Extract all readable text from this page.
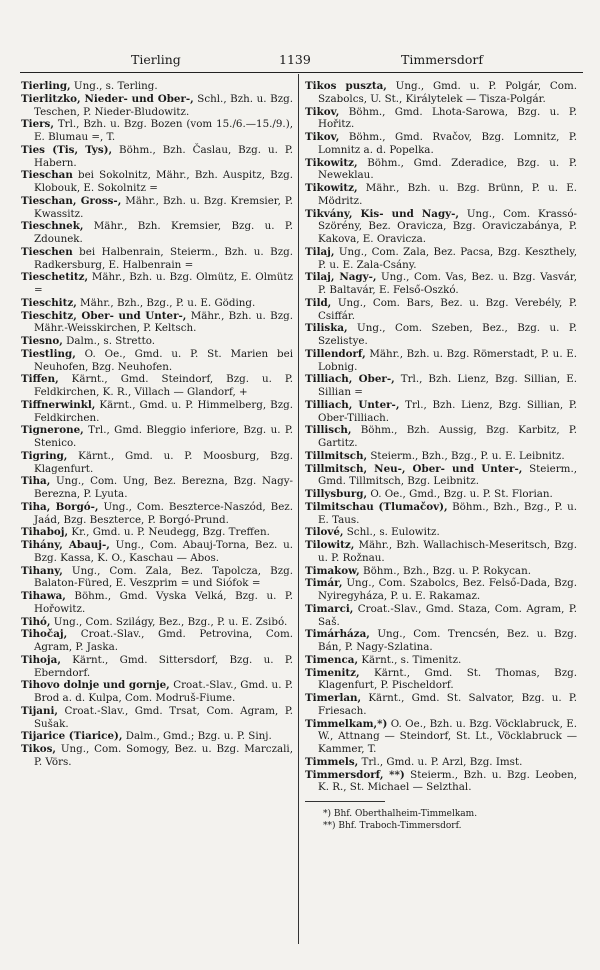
Tierling	1139	Timmersdorf

Tierling, Ung., s. Terling.

Tierlitzko, Nieder- und Ober-, Schl., Bzh. u. Bzg. Teschen, P. Nieder-Bludowitz.

Tiers, Trl., Bzh. u. Bzg. Bozen (vom 15./6.—15./9.), E. Blumau =, T.

Ties (Tis, Tys), Böhm., Bzh. Časlau, Bzg. u. P. Habern.

Tieschan bei Sokolnitz, Mähr., Bzh. Auspitz, Bzg. Klobouk, E. Sokolnitz =

Tieschan, Gross-, Mähr., Bzh. u. Bzg. Kremsier, P. Kwassitz.

Tieschnek, Mähr., Bzh. Kremsier, Bzg. u. P. Zdounek.

Tieschen bei Halbenrain, Steierm., Bzh. u. Bzg. Radkersburg, E. Halbenrain =

Tieschetitz, Mähr., Bzh. u. Bzg. Olmütz, E. Olmütz =

Tieschitz, Mähr., Bzh., Bzg., P. u. E. Göding.

Tieschitz, Ober- und Unter-, Mähr., Bzh. u. Bzg. Mähr.-Weisskirchen, P. Keltsch.

Tiesno, Dalm., s. Stretto.

Tiestling, O. Oe., Gmd. u. P. St. Marien bei Neuhofen, Bzg. Neuhofen.

Tiffen, Kärnt., Gmd. Steindorf, Bzg. u. P. Feldkirchen, K. R., Villach — Glandorf, +

Tiffnerwinkl, Kärnt., Gmd. u. P. Himmelberg, Bzg. Feldkirchen.

Tignerone, Trl., Gmd. Bleggio inferiore, Bzg. u. P. Stenico.

Tigring, Kärnt., Gmd. u. P. Moosburg, Bzg. Klagenfurt.

Tiha, Ung., Com. Ung, Bez. Berezna, Bzg. Nagy-Berezna, P. Lyuta.

Tiha, Borgó-, Ung., Com. Beszterce-Naszód, Bez. Jaád, Bzg. Beszterce, P. Borgó-Prund.

Tihaboj, Kr., Gmd. u. P. Neudegg, Bzg. Treffen.

Tihány, Abauj-, Ung., Com. Abauj-Torna, Bez. u. Bzg. Kassa, K. O., Kaschau — Abos.

Tihany, Ung., Com. Zala, Bez. Tapolcza, Bzg. Balaton-Füred, E. Veszprim = und Siófok =

Tihawa, Böhm., Gmd. Vyska Velká, Bzg. u. P. Hořowitz.

Tihó, Ung., Com. Szilágy, Bez., Bzg., P. u. E. Zsibó.

Tihočaj, Croat.-Slav., Gmd. Petrovina, Com. Agram, P. Jaska.

Tihoja, Kärnt., Gmd. Sittersdorf, Bzg. u. P. Eberndorf.

Tihovo dolnje und gornje, Croat.-Slav., Gmd. u. P. Brod a. d. Kulpa, Com. Modruš-Fiume.

Tijani, Croat.-Slav., Gmd. Trsat, Com. Agram, P. Sušak.

Tijarice (Tiarice), Dalm., Gmd.; Bzg. u. P. Sinj.

Tikos, Ung., Com. Somogy, Bez. u. Bzg. Marczali, P. Vörs.

Tikos puszta, Ung., Gmd. u. P. Polgár, Com. Szabolcs, U. St., Királytelek — Tisza-Polgár.

Tikov, Böhm., Gmd. Lhota-Sarowa, Bzg. u. P. Hořitz.

Tikov, Böhm., Gmd. Rvačov, Bzg. Lomnitz, P. Lomnitz a. d. Popelka.

Tikowitz, Böhm., Gmd. Zderadice, Bzg. u. P. Neweklau.

Tikowitz, Mähr., Bzh. u. Bzg. Brünn, P. u. E. Mödritz.

Tikvány, Kis- und Nagy-, Ung., Com. Krassó-Szörény, Bez. Oravicza, Bzg. Oraviczabánya, P. Kakova, E. Oravicza.

Tilaj, Ung., Com. Zala, Bez. Pacsa, Bzg. Keszthely, P. u. E. Zala-Csány.

Tilaj, Nagy-, Ung., Com. Vas, Bez. u. Bzg. Vasvár, P. Baltavár, E. Felső-Oszkó.

Tild, Ung., Com. Bars, Bez. u. Bzg. Verebély, P. Csiffár.

Tiliska, Ung., Com. Szeben, Bez., Bzg. u. P. Szelistye.

Tillendorf, Mähr., Bzh. u. Bzg. Römerstadt, P. u. E. Lobnig.

Tilliach, Ober-, Trl., Bzh. Lienz, Bzg. Sillian, E. Sillian =

Tilliach, Unter-, Trl., Bzh. Lienz, Bzg. Sillian, P. Ober-Tilliach.

Tillisch, Böhm., Bzh. Aussig, Bzg. Karbitz, P. Gartitz.

Tillmitsch, Steierm., Bzh., Bzg., P. u. E. Leibnitz.

Tillmitsch, Neu-, Ober- und Unter-, Steierm., Gmd. Tillmitsch, Bzg. Leibnitz.

Tillysburg, O. Oe., Gmd., Bzg. u. P. St. Florian.

Tilmitschau (Tlumačov), Böhm., Bzh., Bzg., P. u. E. Taus.

Tilové, Schl., s. Eulowitz.

Tilowitz, Mähr., Bzh. Wallachisch-Meseritsch, Bzg. u. P. Rožnau.

Timakow, Böhm., Bzh., Bzg. u. P. Rokycan.

Timár, Ung., Com. Szabolcs, Bez. Felső-Dada, Bzg. Nyiregyháza, P. u. E. Rakamaz.

Timarci, Croat.-Slav., Gmd. Staza, Com. Agram, P. Saš.

Timárháza, Ung., Com. Trencsén, Bez. u. Bzg. Bán, P. Nagy-Szlatina.

Timenca, Kärnt., s. Timenitz.

Timenitz, Kärnt., Gmd. St. Thomas, Bzg. Klagenfurt, P. Pischeldorf.

Timerlan, Kärnt., Gmd. St. Salvator, Bzg. u. P. Friesach.

Timmelkam,*) O. Oe., Bzh. u. Bzg. Vöcklabruck, E. W., Attnang — Steindorf, St. Lt., Vöcklabruck — Kammer, T.

Timmels, Trl., Gmd. u. P. Arzl, Bzg. Imst.

Timmersdorf, **) Steierm., Bzh. u. Bzg. Leoben, K. R., St. Michael — Selzthal.

*) Bhf. Oberthalheim-Timmelkam.
**) Bhf. Traboch-Timmersdorf.
